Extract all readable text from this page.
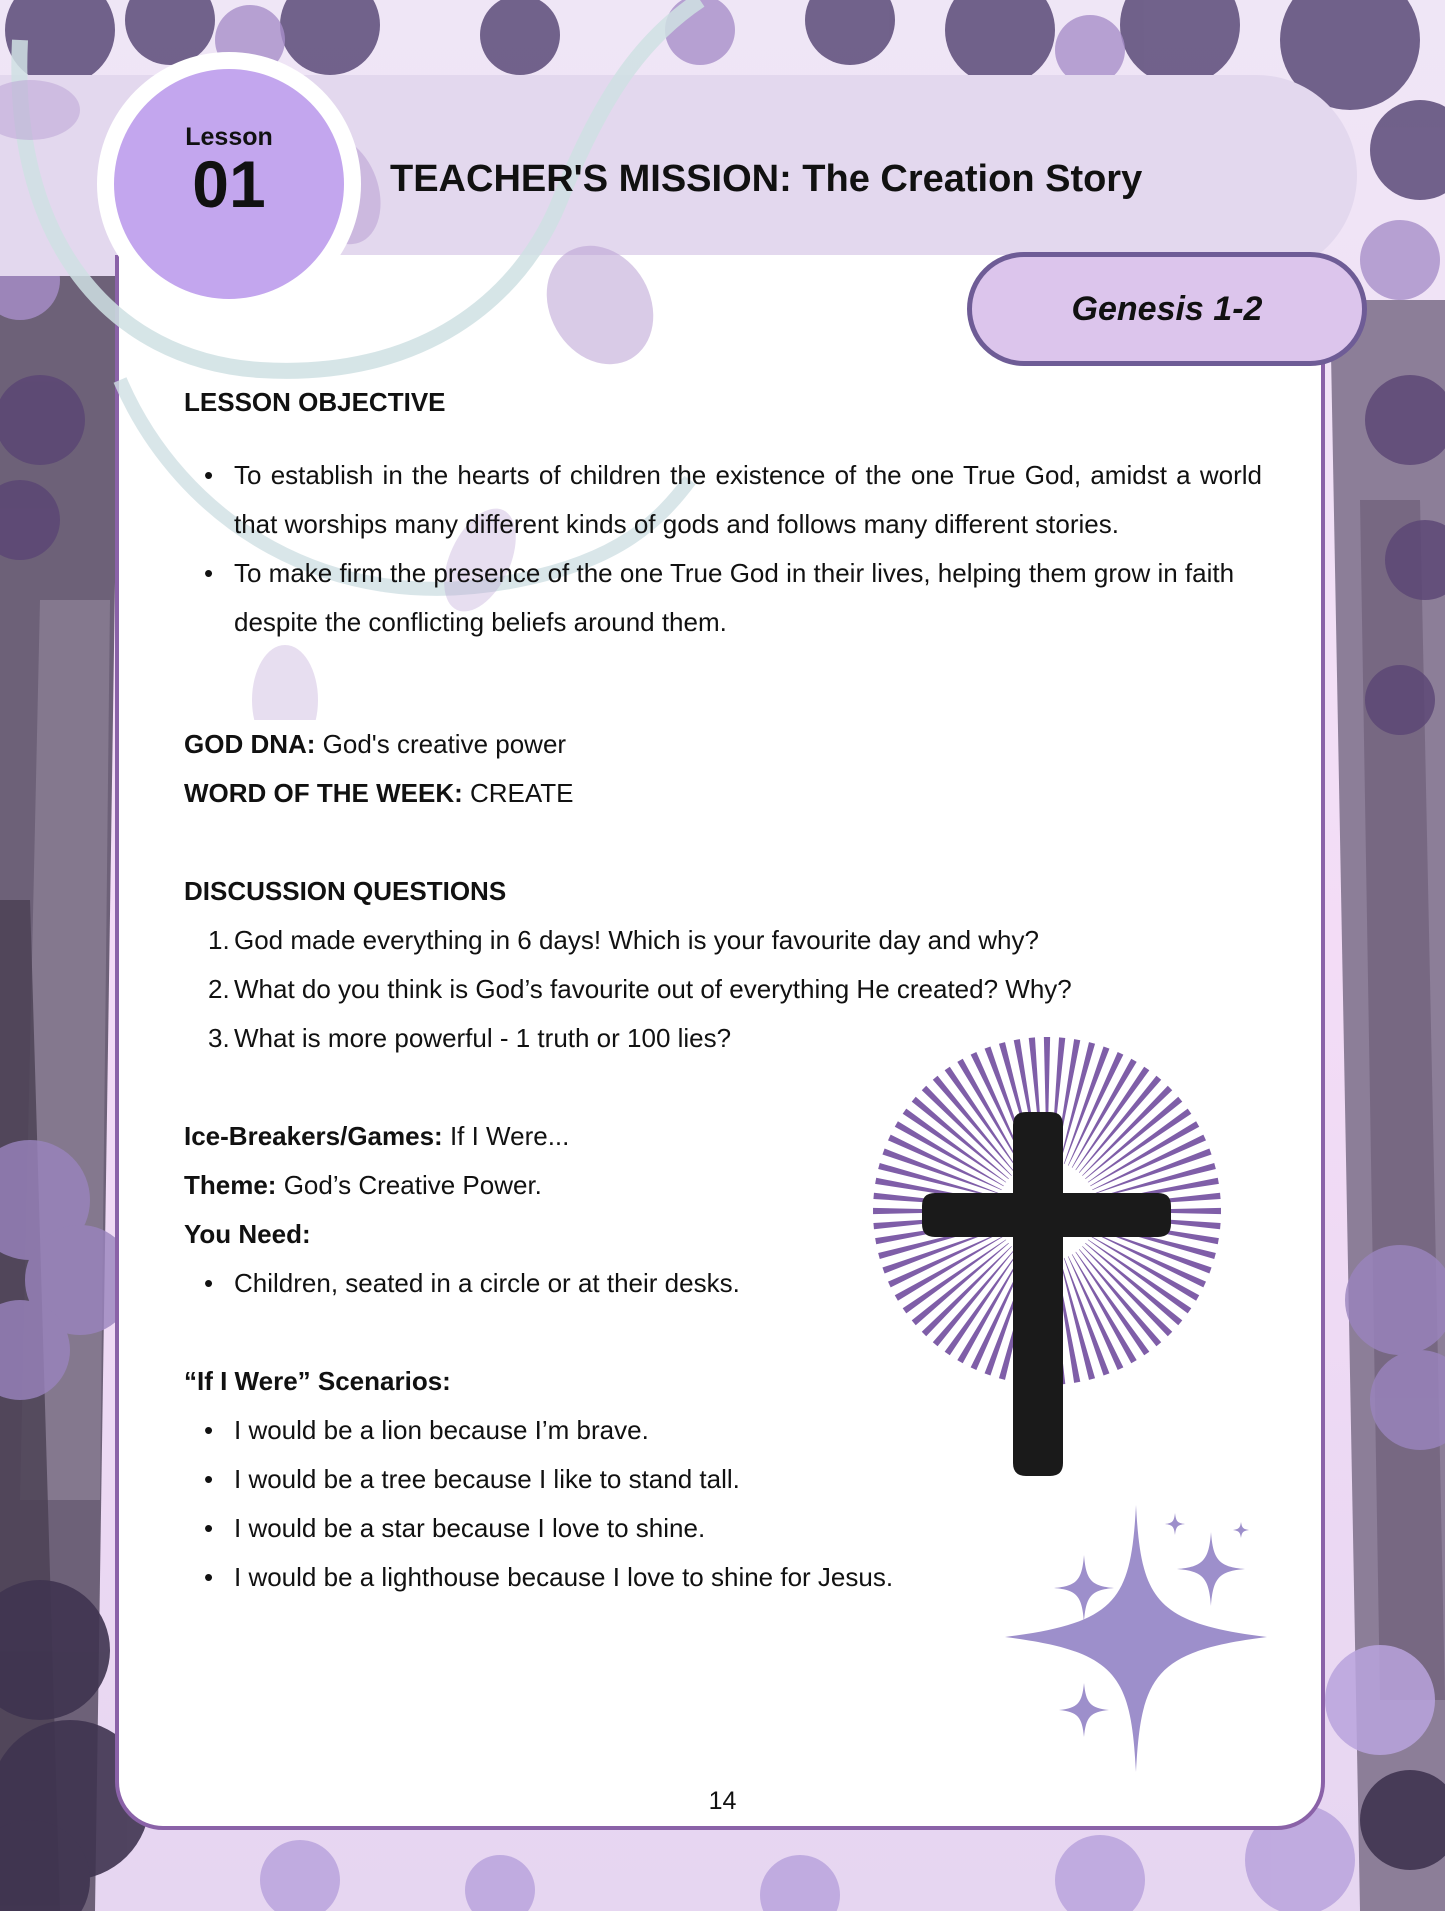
Lesson
01	TEACHER'S MISSION: The Creation Story
Genesis 1-2

LESSON OBJECTIVE

• To establish in the hearts of children the existence of the one True God, amidst a world that worships many different kinds of gods and follows many different stories.

• To make firm the presence of the one True God in their lives, helping them grow in faith despite the conflicting beliefs around them.

GOD DNA: God's creative power

WORD OF THE WEEK: CREATE

DISCUSSION QUESTIONS

1. God made everything in 6 days! Which is your favourite day and why?

2. What do you think is God’s favourite out of everything He created? Why?

3. What is more powerful - 1 truth or 100 lies?

Ice-Breakers/Games: If I Were...

Theme: God’s Creative Power.

You Need:

• Children, seated in a circle or at their desks.

“If I Were” Scenarios:

• I would be a lion because I’m brave.

• I would be a tree because I like to stand tall.

• I would be a star because I love to shine.

• I would be a lighthouse because I love to shine for Jesus.

14
